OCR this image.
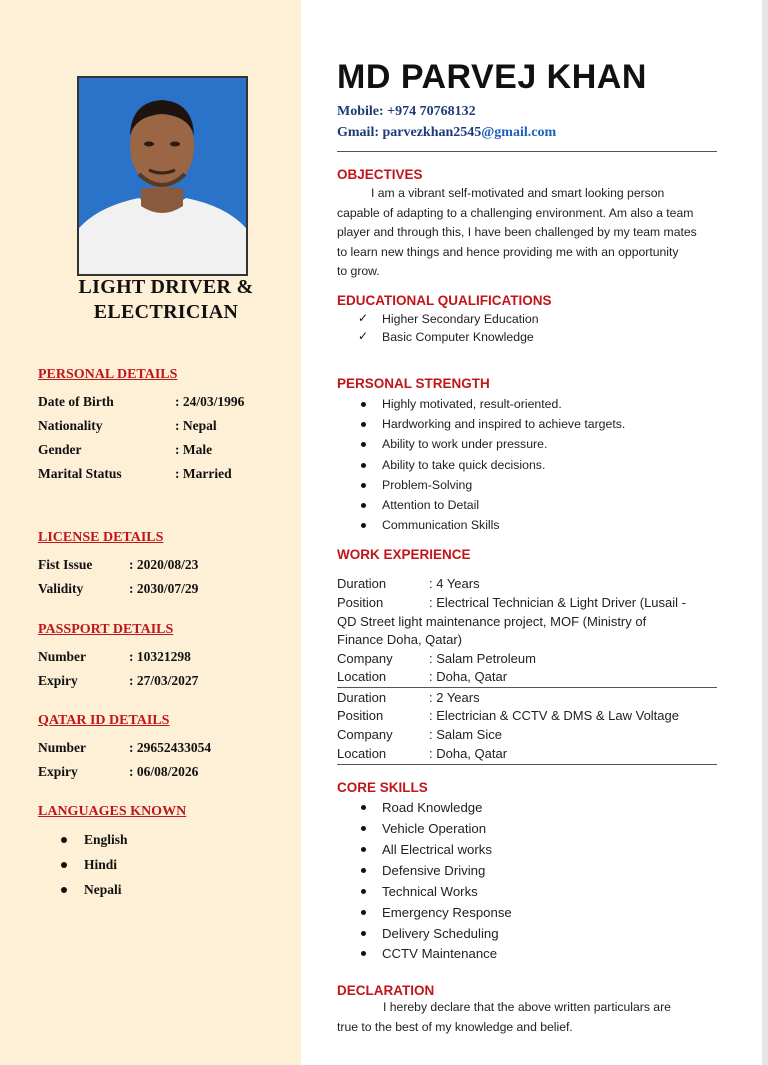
LIGHT DRIVER &
ELECTRICIAN
PERSONAL DETAILS
Date of Birth	: 24/03/1996
Nationality	: Nepal
Gender	: Male
Marital Status	: Married
LICENSE DETAILS
Fist Issue	: 2020/08/23
Validity	: 2030/07/29
PASSPORT DETAILS
Number	: 10321298
Expiry	: 27/03/2027
QATAR ID DETAILS
Number	: 29652433054
Expiry	: 06/08/2026
LANGUAGES KNOWN
English
Hindi
Nepali
MD PARVEJ KHAN
Mobile: +974 70768132
Gmail: parvezkhan2545@gmail.com
OBJECTIVES
I am a vibrant self-motivated and smart looking person
capable of adapting to a challenging environment. Am also a team
player and through this, I have been challenged by my team mates
to learn new things and hence providing me with an opportunity
to grow.
EDUCATIONAL QUALIFICATIONS
✓ Higher Secondary Education
✓ Basic Computer Knowledge
PERSONAL STRENGTH
Highly motivated, result-oriented.
Hardworking and inspired to achieve targets.
Ability to work under pressure.
Ability to take quick decisions.
Problem-Solving
Attention to Detail
Communication Skills
WORK EXPERIENCE
Duration	: 4 Years
Position	: Electrical Technician & Light Driver (Lusail -
QD Street light maintenance project, MOF (Ministry of
Finance Doha, Qatar)
Company	: Salam Petroleum
Location	: Doha, Qatar
Duration	: 2 Years
Position	: Electrician & CCTV & DMS & Law Voltage
Company	: Salam Sice
Location	: Doha, Qatar
CORE SKILLS
Road Knowledge
Vehicle Operation
All Electrical works
Defensive Driving
Technical Works
Emergency Response
Delivery Scheduling
CCTV Maintenance
DECLARATION
I hereby declare that the above written particulars are
true to the best of my knowledge and belief.
